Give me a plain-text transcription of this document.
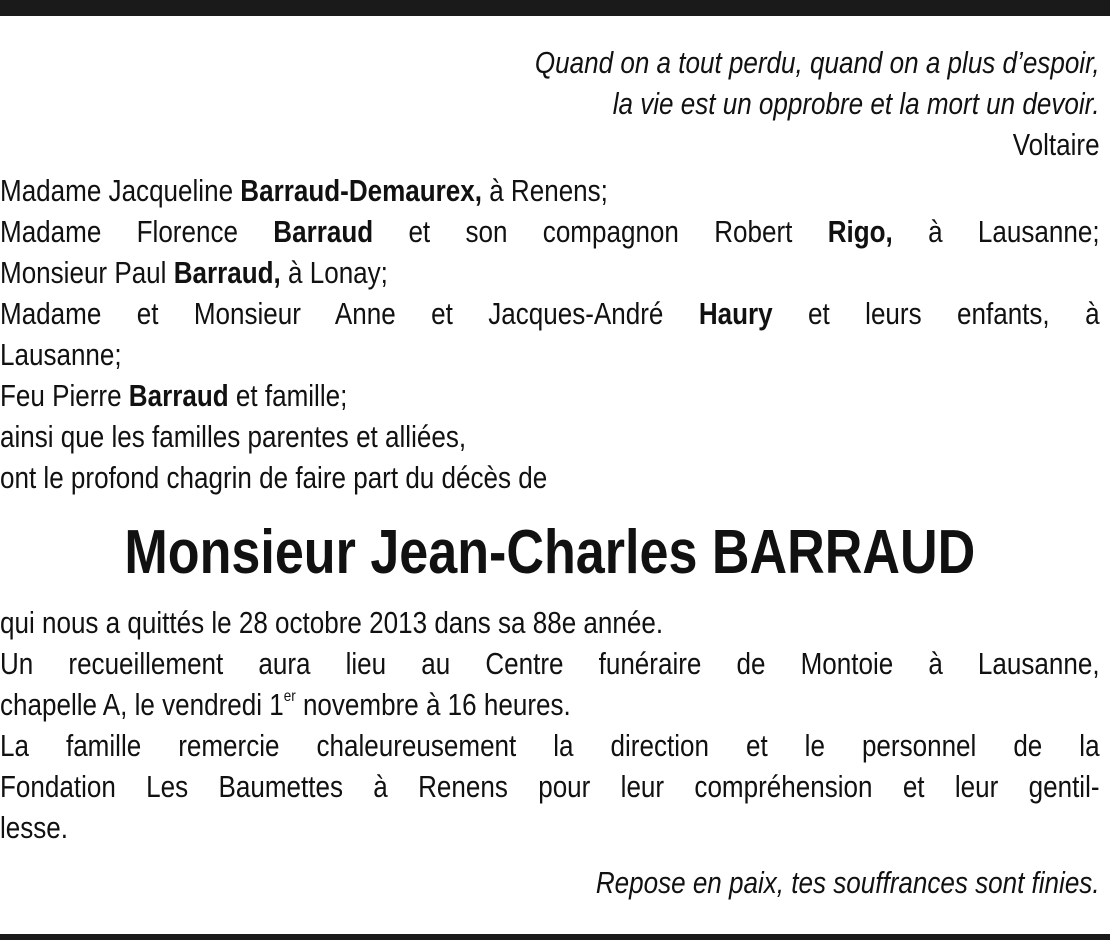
Quand on a tout perdu, quand on a plus d’espoir,
la vie est un opprobre et la mort un devoir.
Voltaire
Madame Jacqueline Barraud-Demaurex, à Renens;
Madame Florence Barraud et son compagnon Robert Rigo, à Lausanne;
Monsieur Paul Barraud, à Lonay;
Madame et Monsieur Anne et Jacques-André Haury et leurs enfants, à
Lausanne;
Feu Pierre Barraud et famille;
ainsi que les familles parentes et alliées,
ont le profond chagrin de faire part du décès de
Monsieur Jean-Charles BARRAUD
qui nous a quittés le 28 octobre 2013 dans sa 88e année.
Un recueillement aura lieu au Centre funéraire de Montoie à Lausanne,
chapelle A, le vendredi 1er novembre à 16 heures.
La famille remercie chaleureusement la direction et le personnel de la
Fondation Les Baumettes à Renens pour leur compréhension et leur gentil-
lesse.
Repose en paix, tes souffrances sont finies.
